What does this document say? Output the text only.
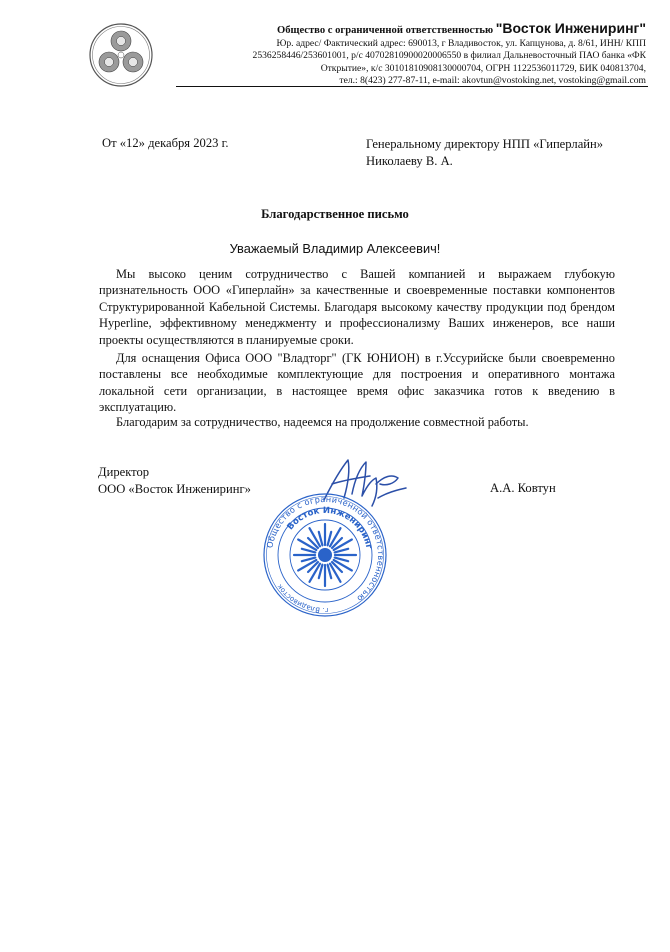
Общество с ограниченной ответственностью "Восток Инжениринг"
Юр. адрес/ Фактический адрес: 690013, г Владивосток, ул. Капцунова, д. 8/61, ИНН/ КПП
2536258446/253601001, р/с 40702810900020006550 в филиал Дальневосточный ПАО банка «ФК
Открытие», к/с 30101810908130000704, ОГРН 1122536011729, БИК 040813704,
тел.: 8(423) 277-87-11, e-mail: akovtun@vostoking.net, vostoking@gmail.com
От «12» декабря 2023 г.	Генеральному директору НПП «Гиперлайн»
Николаеву В. А.
Благодарственное письмо
Уважаемый Владимир Алексеевич!

Мы высоко ценим сотрудничество с Вашей компанией и выражаем глубокую признательность ООО «Гиперлайн» за качественные и своевременные поставки компонентов Структурированной Кабельной Системы. Благодаря высокому качеству продукции под брендом Hyperline, эффективному менеджменту и профессионализму Ваших инженеров, все наши проекты осуществляются в планируемые сроки.

Для оснащения Офиса ООО "Владторг" (ГК ЮНИОН) в г.Уссурийске были своевременно поставлены все необходимые комплектующие для построения и оперативного монтажа локальной сети организации, в настоящее время офис заказчика готов к введению в эксплуатацию.

Благодарим за сотрудничество, надеемся на продолжение совместной работы.

Директор
ООО «Восток Инжениринг»	А.А. Ковтун
Общество с ограниченной ответственностью
Восток Инжениринг
г. Владивосток
